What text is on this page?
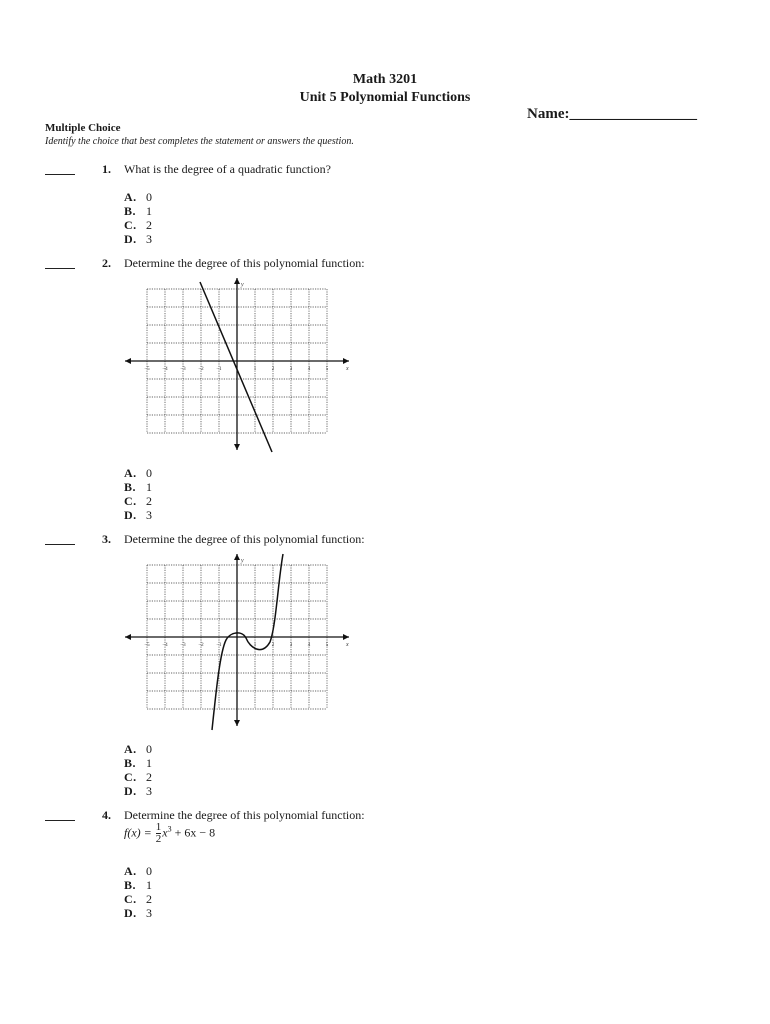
Math 3201
Unit 5 Polynomial Functions
Name:_________________
Multiple Choice
Identify the choice that best completes the statement or answers the question.
1. What is the degree of a quadratic function?
A. 0
B. 1
C. 2
D. 3
2. Determine the degree of this polynomial function:
−5	−4	−3	−2	−1	1	2	3	4	5	x
y
A. 0
B. 1
C. 2
D. 3
3. Determine the degree of this polynomial function:
−5	−4	−3	−2	−1	1	2	3	4	5	x
y
A. 0
B. 1
C. 2
D. 3
4. Determine the degree of this polynomial function:
$f(x) = \frac{1}{2} x^3 + 6x - 8$
A. 0
B. 1
C. 2
D. 3
